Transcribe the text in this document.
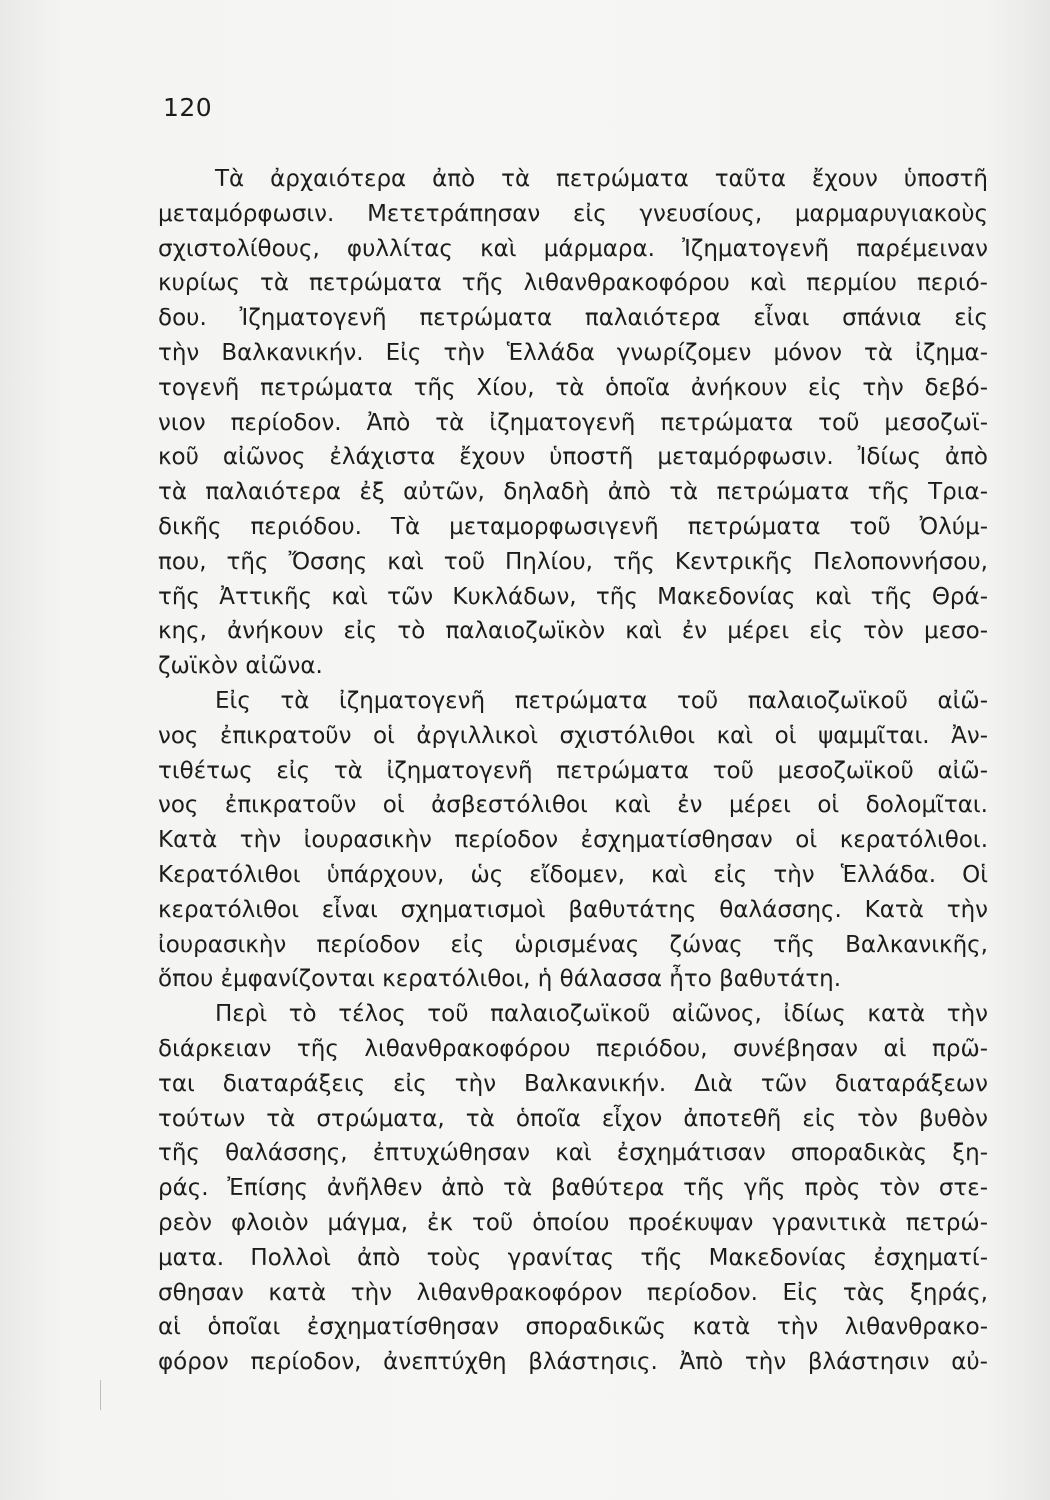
120
Τὰ ἀρχαιότερα ἀπὸ τὰ πετρώματα ταῦτα ἔχουν ὑποστῆ
μεταμόρφωσιν. Μετετράπησαν εἰς γνευσίους, μαρμαρυγιακοὺς
σχιστολίθους, φυλλίτας καὶ μάρμαρα. Ἰζηματογενῆ παρέμειναν
κυρίως τὰ πετρώματα τῆς λιθανθρακοφόρου καὶ περμίου περιό-
δου. Ἰζηματογενῆ πετρώματα παλαιότερα εἶναι σπάνια εἰς
τὴν Βαλκανικήν. Εἰς τὴν Ἑλλάδα γνωρίζομεν μόνον τὰ ἰζημα-
τογενῆ πετρώματα τῆς Χίου, τὰ ὁποῖα ἀνήκουν εἰς τὴν δεβό-
νιον περίοδον. Ἀπὸ τὰ ἰζηματογενῆ πετρώματα τοῦ μεσοζωϊ-
κοῦ αἰῶνος ἐλάχιστα ἔχουν ὑποστῆ μεταμόρφωσιν. Ἰδίως ἀπὸ
τὰ παλαιότερα ἐξ αὐτῶν, δηλαδὴ ἀπὸ τὰ πετρώματα τῆς Τρια-
δικῆς περιόδου. Τὰ μεταμορφωσιγενῆ πετρώματα τοῦ Ὀλύμ-
που, τῆς Ὄσσης καὶ τοῦ Πηλίου, τῆς Κεντρικῆς Πελοποννήσου,
τῆς Ἀττικῆς καὶ τῶν Κυκλάδων, τῆς Μακεδονίας καὶ τῆς Θρά-
κης, ἀνήκουν εἰς τὸ παλαιοζωϊκὸν καὶ ἐν μέρει εἰς τὸν μεσο-
ζωϊκὸν αἰῶνα.
Εἰς τὰ ἰζηματογενῆ πετρώματα τοῦ παλαιοζωϊκοῦ αἰῶ-
νος ἐπικρατοῦν οἱ ἀργιλλικοὶ σχιστόλιθοι καὶ οἱ ψαμμῖται. Ἀν-
τιθέτως εἰς τὰ ἰζηματογενῆ πετρώματα τοῦ μεσοζωϊκοῦ αἰῶ-
νος ἐπικρατοῦν οἱ ἀσβεστόλιθοι καὶ ἐν μέρει οἱ δολομῖται.
Κατὰ τὴν ἰουρασικὴν περίοδον ἐσχηματίσθησαν οἱ κερατόλιθοι.
Κερατόλιθοι ὑπάρχουν, ὡς εἴδομεν, καὶ εἰς τὴν Ἑλλάδα. Οἱ
κερατόλιθοι εἶναι σχηματισμοὶ βαθυτάτης θαλάσσης. Κατὰ τὴν
ἰουρασικὴν περίοδον εἰς ὡρισμένας ζώνας τῆς Βαλκανικῆς,
ὅπου ἐμφανίζονται κερατόλιθοι, ἡ θάλασσα ἦτο βαθυτάτη.
Περὶ τὸ τέλος τοῦ παλαιοζωϊκοῦ αἰῶνος, ἰδίως κατὰ τὴν
διάρκειαν τῆς λιθανθρακοφόρου περιόδου, συνέβησαν αἱ πρῶ-
ται διαταράξεις εἰς τὴν Βαλκανικήν. Διὰ τῶν διαταράξεων
τούτων τὰ στρώματα, τὰ ὁποῖα εἶχον ἀποτεθῆ εἰς τὸν βυθὸν
τῆς θαλάσσης, ἐπτυχώθησαν καὶ ἐσχημάτισαν σποραδικὰς ξη-
ράς. Ἐπίσης ἀνῆλθεν ἀπὸ τὰ βαθύτερα τῆς γῆς πρὸς τὸν στε-
ρεὸν φλοιὸν μάγμα, ἐκ τοῦ ὁποίου προέκυψαν γρανιτικὰ πετρώ-
ματα. Πολλοὶ ἀπὸ τοὺς γρανίτας τῆς Μακεδονίας ἐσχηματί-
σθησαν κατὰ τὴν λιθανθρακοφόρον περίοδον. Εἰς τὰς ξηράς,
αἱ ὁποῖαι ἐσχηματίσθησαν σποραδικῶς κατὰ τὴν λιθανθρακο-
φόρον περίοδον, ἀνεπτύχθη βλάστησις. Ἀπὸ τὴν βλάστησιν αὐ-
